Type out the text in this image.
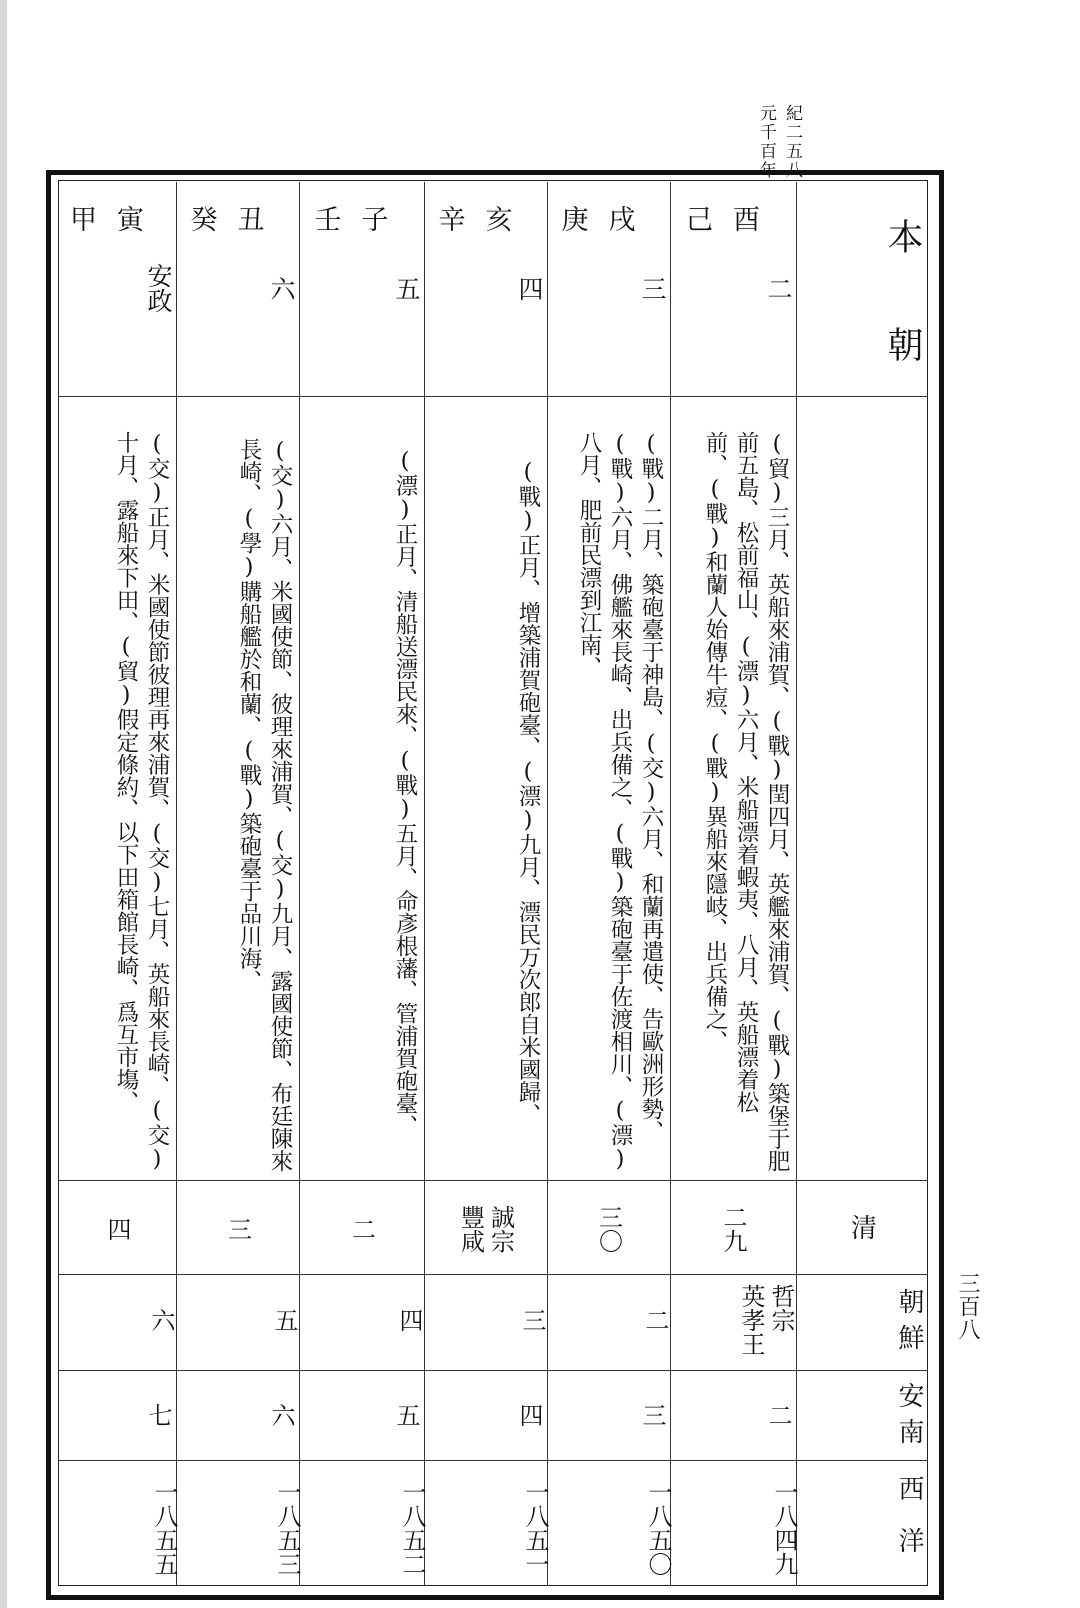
紀二五八
元千百年
本　　朝
清
朝鮮
安南
西洋
己酉
二
(貿)三月、英船來浦賀、(戰)閏四月、英艦來浦賀、(戰)築堡于肥
前五島、松前福山、(漂)六月、米船漂着蝦夷、八月、英船漂着松
前、(戰)和蘭人始傳牛痘、(戰)異船來隱岐、出兵備之、
二九
哲宗
英孝王
二
一八四九
庚戌
三
(戰)二月、築砲臺于神島、(交)六月、和蘭再遣使、告歐洲形勢、
(戰)六月、佛艦來長崎、出兵備之、(戰)築砲臺于佐渡相川、(漂)
八月、肥前民漂到江南、
三〇
二
三
一八五〇
辛亥
四
(戰)正月、增築浦賀砲臺、(漂)九月、漂民万次郎自米國歸、
誠宗
豐咸
三
四
一八五一
壬子
五
(漂)正月、清船送漂民來、(戰)五月、命彥根藩、管浦賀砲臺、
二
四
五
一八五二
癸丑
六
(交)六月、米國使節、彼理來浦賀、(交)九月、露國使節、布廷陳來
長崎、(學)購船艦於和蘭、(戰)築砲臺于品川海、
三
五
六
一八五三
甲寅
安政
(交)正月、米國使節彼理再來浦賀、(交)七月、英船來長崎、(交)
十月、露船來下田、(貿)假定條約、以下田箱館長崎、爲互市塲、
四
六
七
一八五五
三百八
